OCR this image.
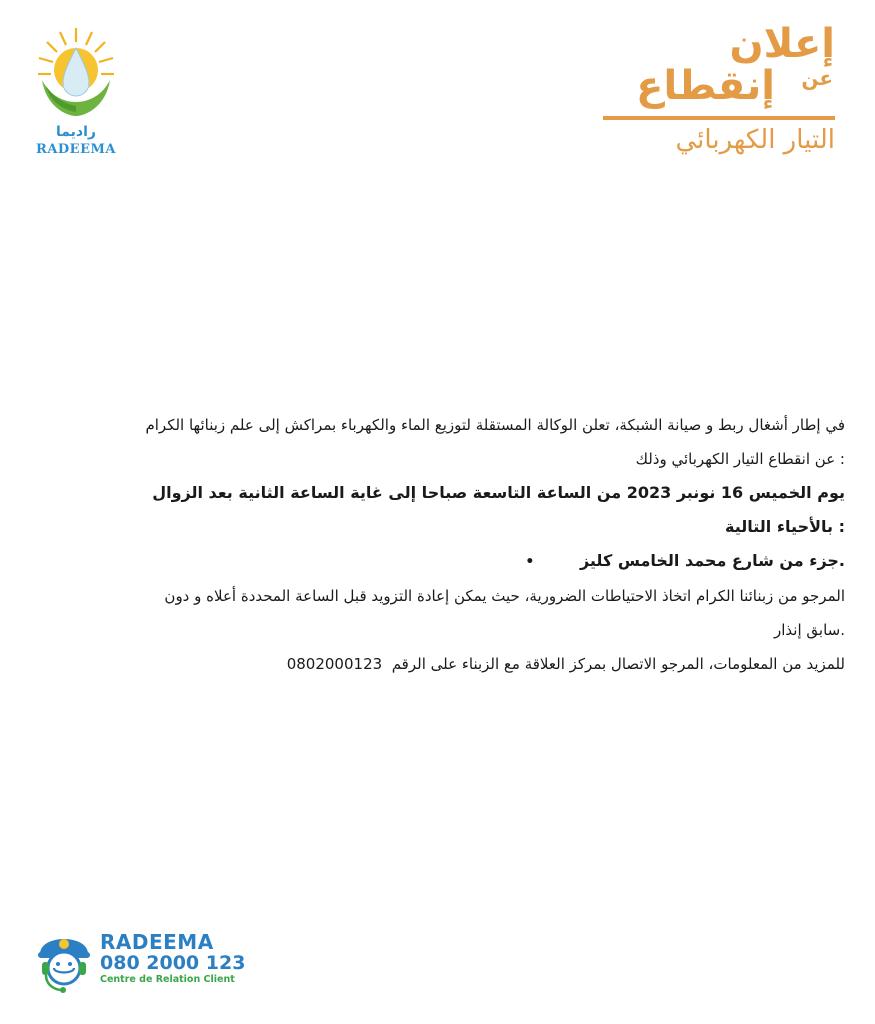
راديما
RADEEMA
إعلان
عن
إنقطاع
التيار الكهربائي
في إطار أشغال ربط و صيانة الشبكة، تعلن الوكالة المستقلة لتوزيع الماء والكهرباء بمراكش إلى علم زبنائها الكرام
: عن انقطاع التيار الكهربائي وذلك
يوم الخميس 16 نونبر 2023 من الساعة التاسعة صباحا إلى غاية الساعة الثانية بعد الزوال
: بالأحياء التالية
.جزء من شارع محمد الخامس كليز •
المرجو من زبنائنا الكرام اتخاذ الاحتياطات الضرورية، حيث يمكن إعادة التزويد قبل الساعة المحددة أعلاه و دون
.سابق إنذار
للمزيد من المعلومات، المرجو الاتصال بمركز العلاقة مع الزبناء على الرقم  0802000123
RADEEMA
080 2000 123
Centre de Relation Client
